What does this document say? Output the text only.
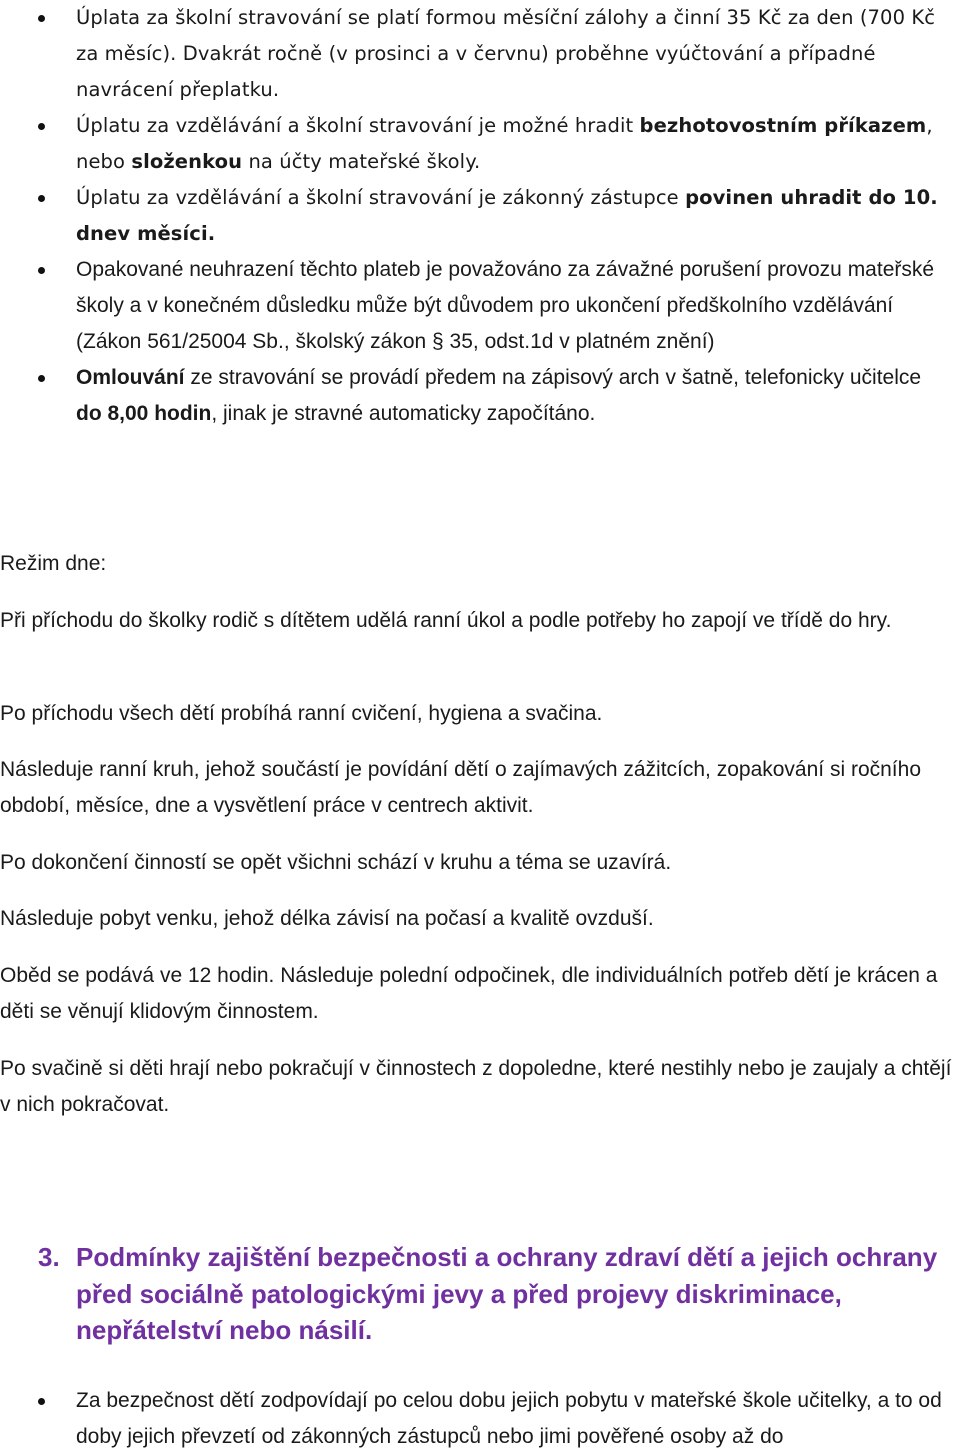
Úplata za školní stravování se platí formou měsíční zálohy a činní 35 Kč za den (700 Kč za měsíc). Dvakrát ročně (v prosinci a v červnu) proběhne vyúčtování a případné navrácení přeplatku.
Úplatu za vzdělávání a školní stravování je možné hradit bezhotovostním příkazem, nebo složenkou na účty mateřské školy.
Úplatu za vzdělávání a školní stravování je zákonný zástupce povinen uhradit do 10. dnev měsíci.
Opakované neuhrazení těchto plateb je považováno za závažné porušení provozu mateřské školy a v konečném důsledku může být důvodem pro ukončení předškolního vzdělávání (Zákon 561/25004 Sb., školský zákon § 35, odst.1d v platném znění)
Omlouvání ze stravování se provádí předem na zápisový arch v šatně, telefonicky učitelce do 8,00 hodin, jinak je stravné automaticky započítáno.

Režim dne:

Při příchodu do školky rodič s dítětem udělá ranní úkol a podle potřeby ho zapojí ve třídě do hry.

Po příchodu všech dětí probíhá ranní cvičení, hygiena a svačina.

Následuje ranní kruh, jehož součástí je povídání dětí o zajímavých zážitcích, zopakování si ročního období, měsíce, dne a vysvětlení práce v centrech aktivit.

Po dokončení činností se opět všichni schází v kruhu a téma se uzavírá.

Následuje pobyt venku, jehož délka závisí na počasí a kvalitě ovzduší.

Oběd se podává ve 12 hodin. Následuje polední odpočinek, dle individuálních potřeb dětí je krácen a děti se věnují klidovým činnostem.

Po svačině si děti hrají nebo pokračují v činnostech z dopoledne, které nestihly nebo je zaujaly a chtějí v nich pokračovat.

3. Podmínky zajištění bezpečnosti a ochrany zdraví dětí a jejich ochrany před sociálně patologickými jevy a před projevy diskriminace, nepřátelství nebo násilí.
Za bezpečnost dětí zodpovídají po celou dobu jejich pobytu v mateřské škole učitelky, a to od doby jejich převzetí od zákonných zástupců nebo jimi pověřené osoby až do
